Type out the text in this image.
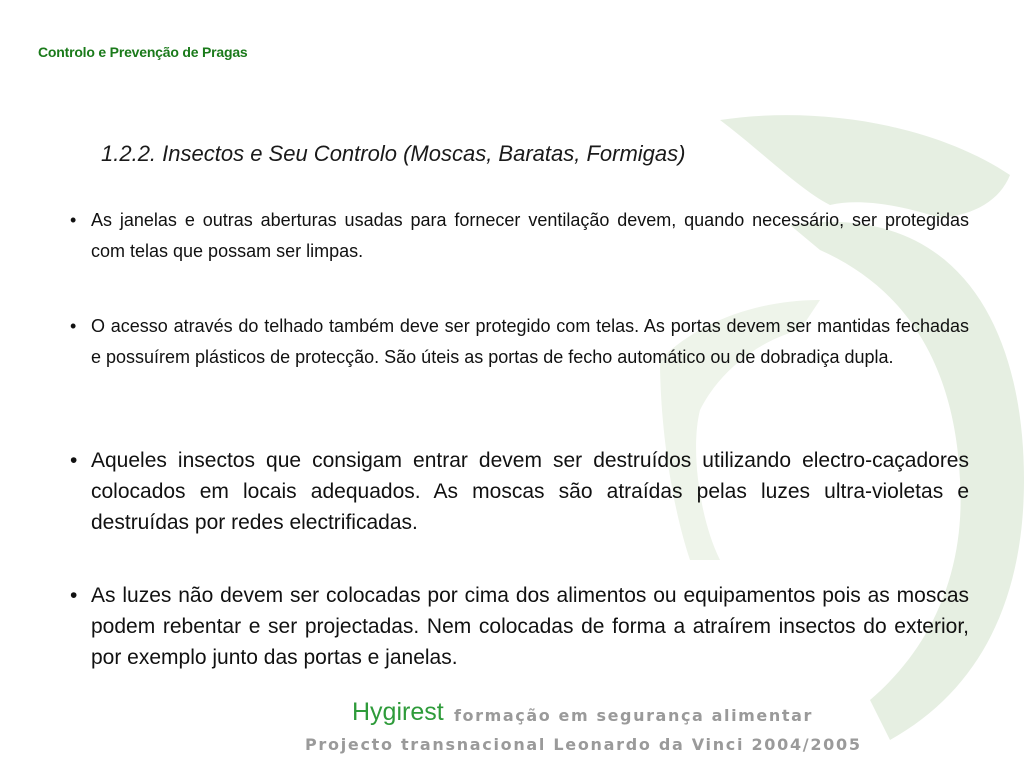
Controlo e Prevenção de Pragas
1.2.2. Insectos e Seu Controlo (Moscas, Baratas, Formigas)
• As janelas e outras aberturas usadas para fornecer ventilação devem, quando necessário, ser protegidas com telas que possam ser limpas.
• O acesso através do telhado também deve ser protegido com telas. As portas devem ser mantidas fechadas e possuírem plásticos de protecção. São úteis as portas de fecho automático ou de dobradiça dupla.
• Aqueles insectos que consigam entrar devem ser destruídos utilizando electro-caçadores colocados em locais adequados. As moscas são atraídas pelas luzes ultra-violetas e destruídas por redes electrificadas.
• As luzes não devem ser colocadas por cima dos alimentos ou equipamentos pois as moscas podem rebentar e ser projectadas. Nem colocadas de forma a atraírem insectos do exterior, por exemplo junto das portas e janelas.
Hygirest formação em segurança alimentar
Projecto transnacional Leonardo da Vinci 2004/2005
